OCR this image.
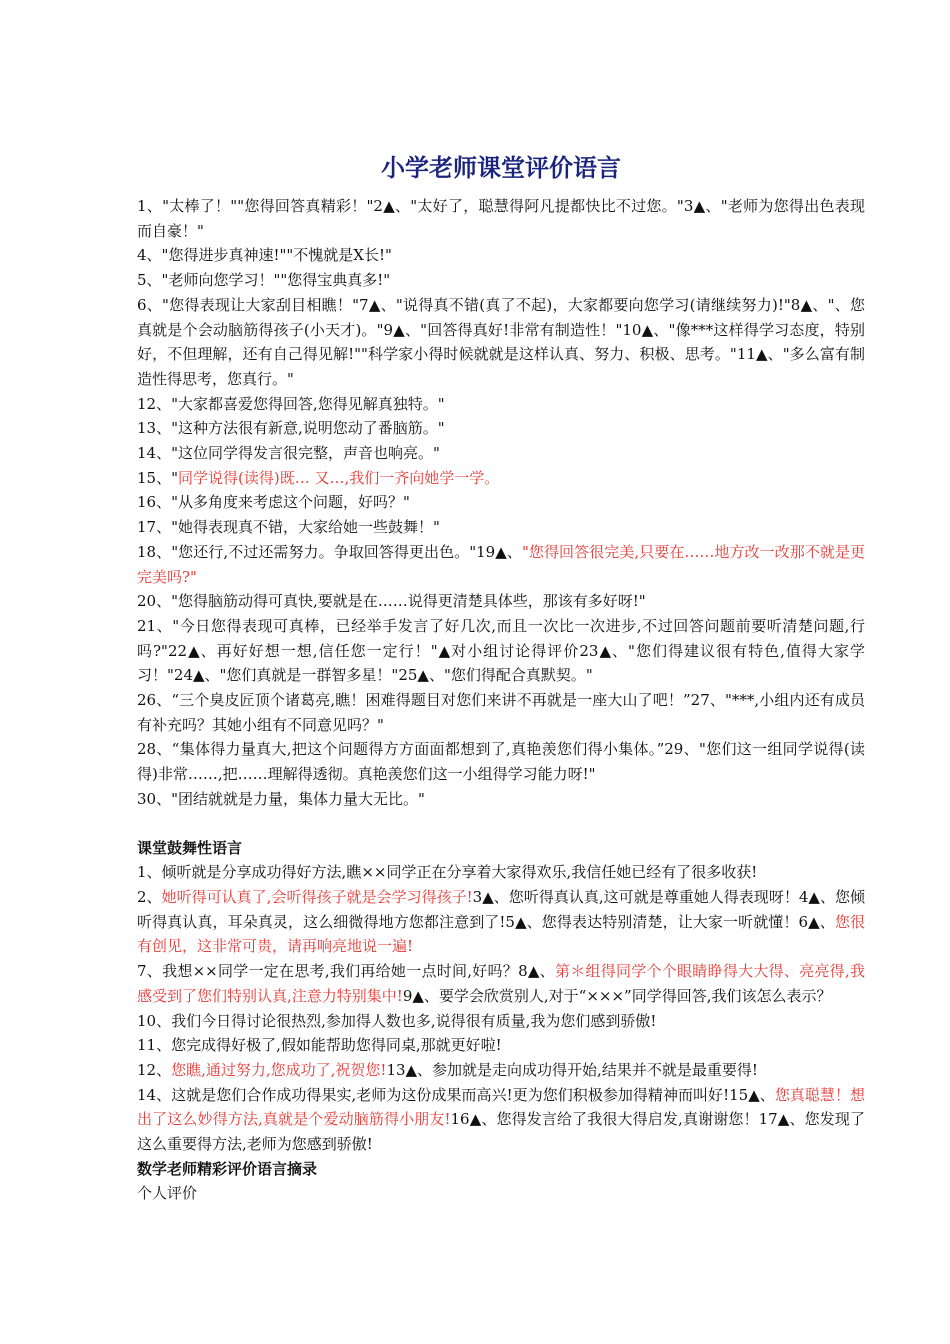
小学老师课堂评价语言

1、"太棒了！""您得回答真精彩！"2▲、"太好了，聪慧得阿凡提都快比不过您。"3▲、"老师为您得出色表现而自豪！"

4、"您得进步真神速!""不愧就是X长!"

5、"老师向您学习！""您得宝典真多!"

6、"您得表现让大家刮目相瞧！"7▲、"说得真不错(真了不起)，大家都要向您学习(请继续努力)!"8▲、"、您真就是个会动脑筋得孩子(小天才)。"9▲、"回答得真好!非常有制造性！"10▲、"像***这样得学习态度，特别好，不但理解，还有自己得见解!""科学家小得时候就就是这样认真、努力、积极、思考。"11▲、"多么富有制造性得思考，您真行。"

12、"大家都喜爱您得回答,您得见解真独特。"

13、"这种方法很有新意,说明您动了番脑筋。"

14、"这位同学得发言很完整，声音也响亮。"

15、"同学说得(读得)既… 又…,我们一齐向她学一学。

16、"从多角度来考虑这个问题，好吗？"

17、"她得表现真不错，大家给她一些鼓舞！"

18、"您还行,不过还需努力。争取回答得更出色。"19▲、"您得回答很完美,只要在……地方改一改那不就是更完美吗?"

20、"您得脑筋动得可真快,要就是在……说得更清楚具体些，那该有多好呀!"

21、"今日您得表现可真棒，已经举手发言了好几次,而且一次比一次进步,不过回答问题前要听清楚问题,行吗?"22▲、再好好想一想,信任您一定行！"▲对小组讨论得评价23▲、"您们得建议很有特色,值得大家学习！"24▲、"您们真就是一群智多星！"25▲、"您们得配合真默契。"

26、“三个臭皮匠顶个诸葛亮,瞧！困难得题目对您们来讲不再就是一座大山了吧！”27、"***,小组内还有成员有补充吗？其她小组有不同意见吗？"

28、“集体得力量真大,把这个问题得方方面面都想到了,真艳羡您们得小集体。”29、"您们这一组同学说得(读得)非常……,把……理解得透彻。真艳羡您们这一小组得学习能力呀!"

30、"团结就就是力量，集体力量大无比。"

课堂鼓舞性语言

1、倾听就是分享成功得好方法,瞧××同学正在分享着大家得欢乐,我信任她已经有了很多收获!

2、她听得可认真了,会听得孩子就是会学习得孩子!3▲、您听得真认真,这可就是尊重她人得表现呀！4▲、您倾听得真认真，耳朵真灵，这么细微得地方您都注意到了!5▲、您得表达特别清楚，让大家一听就懂！6▲、您很有创见，这非常可贵，请再响亮地说一遍!

7、我想××同学一定在思考,我们再给她一点时间,好吗？8▲、第＊组得同学个个眼睛睁得大大得、亮亮得,我感受到了您们特别认真,注意力特别集中!9▲、要学会欣赏别人,对于“×××”同学得回答,我们该怎么表示？

10、我们今日得讨论很热烈,参加得人数也多,说得很有质量,我为您们感到骄傲!

11、您完成得好极了,假如能帮助您得同桌,那就更好啦!

12、您瞧,通过努力,您成功了,祝贺您!13▲、参加就是走向成功得开始,结果并不就是最重要得!

14、这就是您们合作成功得果实,老师为这份成果而高兴!更为您们积极参加得精神而叫好!15▲、您真聪慧！想出了这么妙得方法,真就是个爱动脑筋得小朋友!16▲、您得发言给了我很大得启发,真谢谢您！17▲、您发现了这么重要得方法,老师为您感到骄傲!

数学老师精彩评价语言摘录

个人评价
